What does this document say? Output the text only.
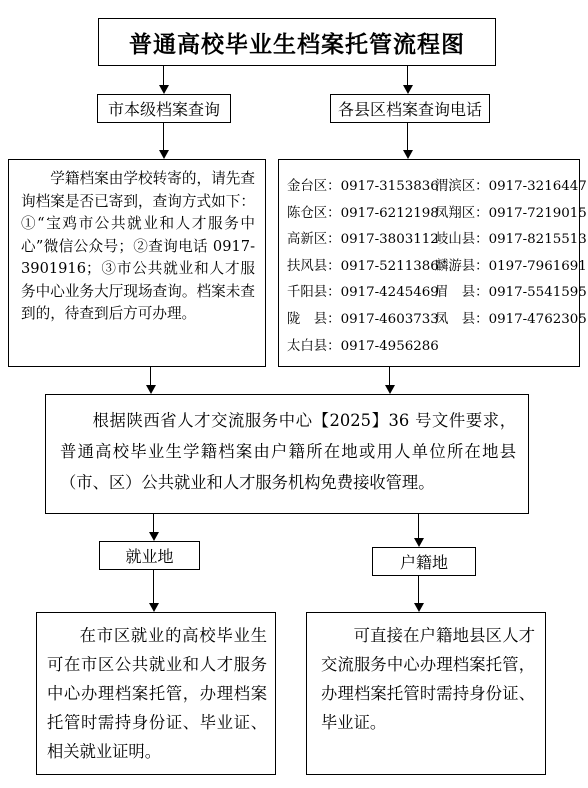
普通高校毕业生档案托管流程图
市本级档案查询	各县区档案查询电话
学籍档案由学校转寄的，请先查询档案是否已寄到，查询方式如下：①“宝鸡市公共就业和人才服务中心”微信公众号；②查询电话 0917-3901916；③市公共就业和人才服务中心业务大厅现场查询。档案未查到的，待查到后方可办理。
金台区：0917-3153836
渭滨区：0917-3216447
陈仓区：0917-6212198
凤翔区：0917-7219015
高新区：0917-3803112
岐山县：0917-8215513
扶风县：0917-5211386
麟游县：0197-7961691
千阳县：0917-4245469
眉　县：0917-5541595
陇　县：0917-4603733
凤　县：0917-4762305
太白县：0917-4956286
根据陕西省人才交流服务中心【2025】36 号文件要求，普通高校毕业生学籍档案由户籍所在地或用人单位所在地县（市、区）公共就业和人才服务机构免费接收管理。
就业地	户籍地
在市区就业的高校毕业生可在市区公共就业和人才服务中心办理档案托管，办理档案托管时需持身份证、毕业证、相关就业证明。
可直接在户籍地县区人才交流服务中心办理档案托管，办理档案托管时需持身份证、毕业证。
